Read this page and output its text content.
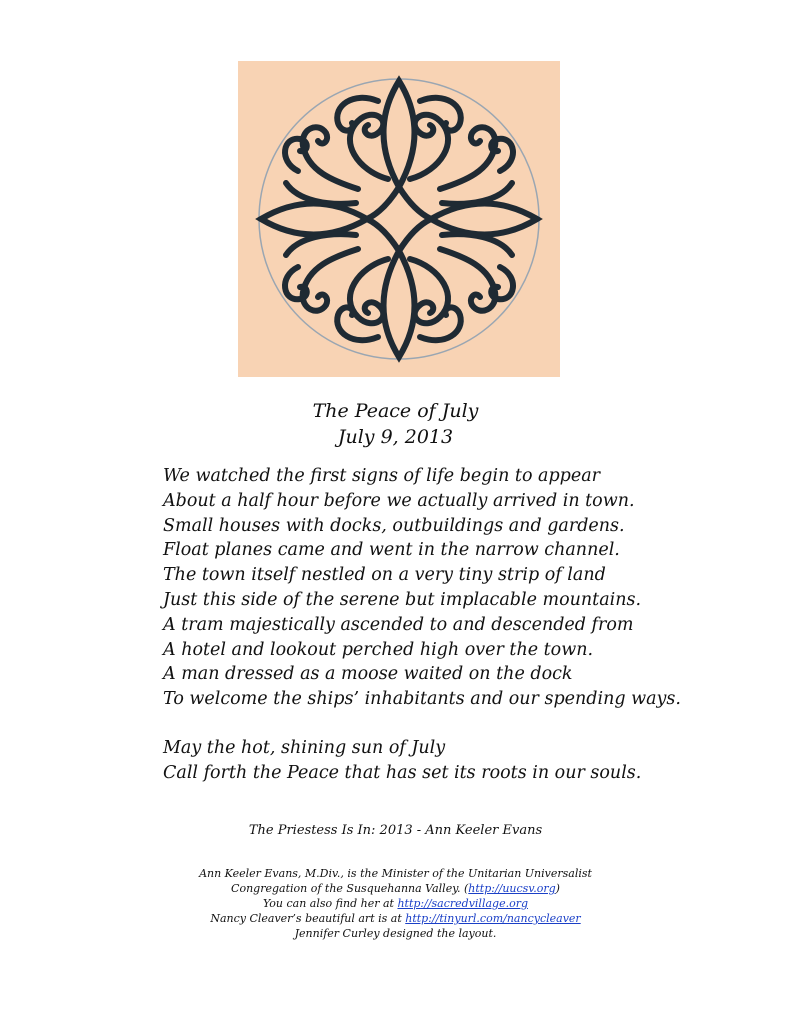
The Peace of July
July 9, 2013
We watched the first signs of life begin to appear
About a half hour before we actually arrived in town.
Small houses with docks, outbuildings and gardens.
Float planes came and went in the narrow channel.
The town itself nestled on a very tiny strip of land
Just this side of the serene but implacable mountains.
A tram majestically ascended to and descended from
A hotel and lookout perched high over the town.
A man dressed as a moose waited on the dock
To welcome the ships’ inhabitants and our spending ways.
May the hot, shining sun of July
Call forth the Peace that has set its roots in our souls.
The Priestess Is In: 2013 - Ann Keeler Evans
Ann Keeler Evans, M.Div., is the Minister of the Unitarian Universalist
Congregation of the Susquehanna Valley. (http://uucsv.org)
You can also find her at http://sacredvillage.org
Nancy Cleaver’s beautiful art is at http://tinyurl.com/nancycleaver
Jennifer Curley designed the layout.
